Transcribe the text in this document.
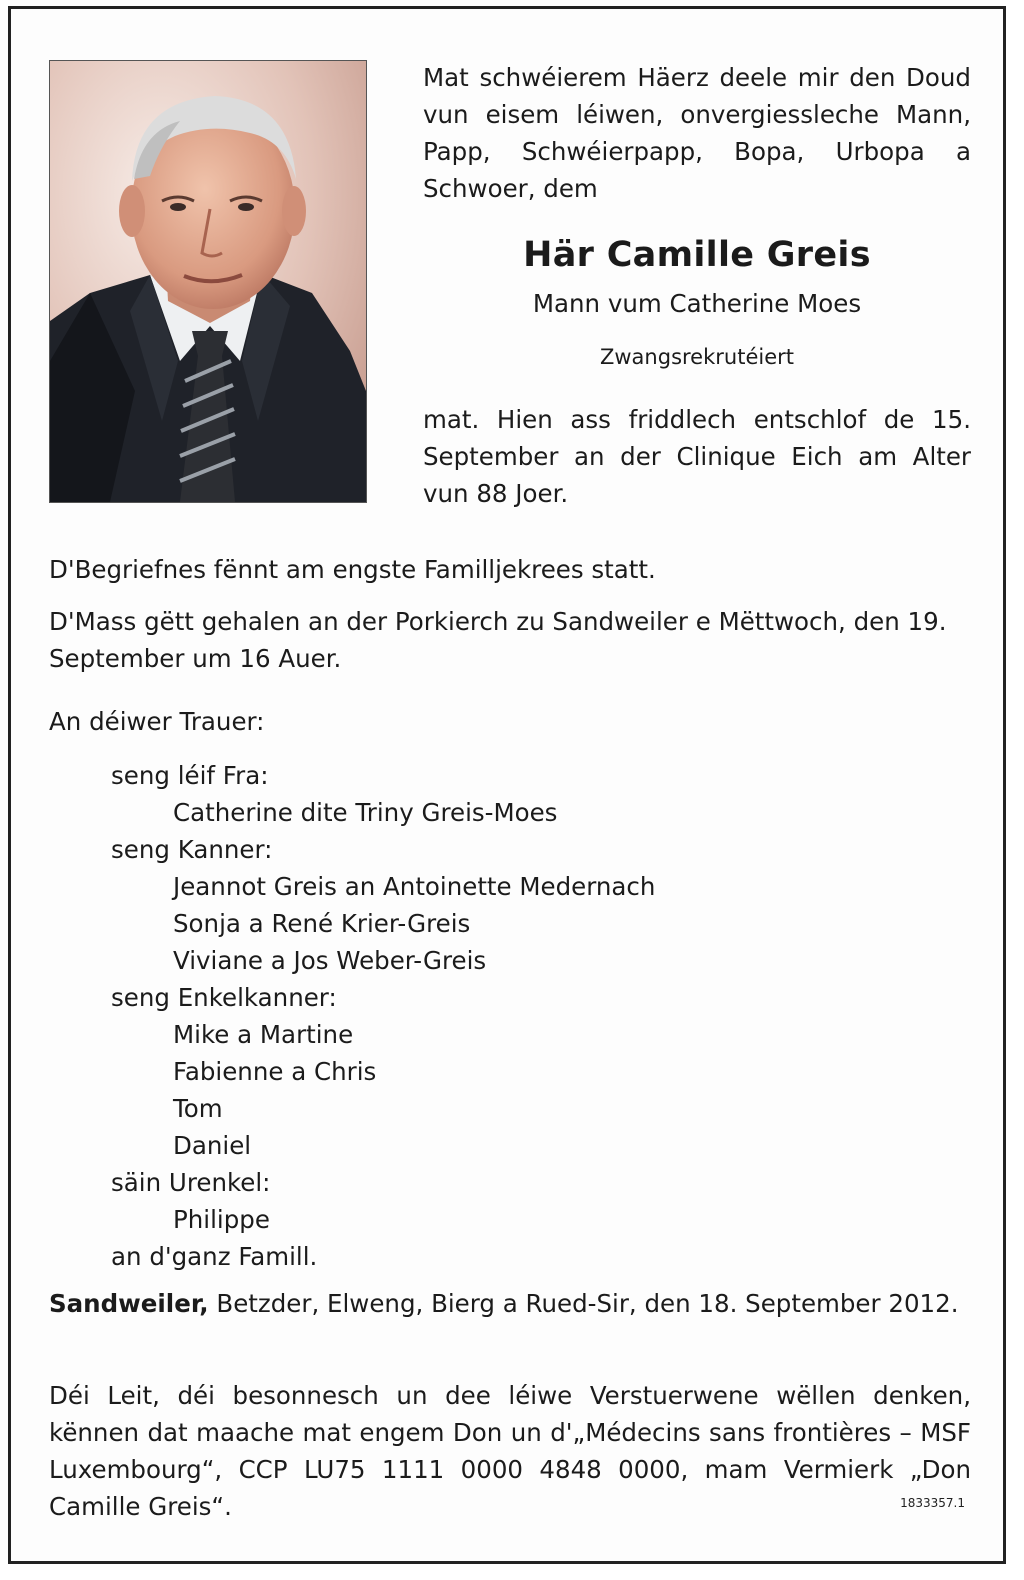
Mat schwéierem Häerz deele mir den Doud vun eisem léiwen, onvergiessleche Mann, Papp, Schwéierpapp, Bopa, Urbopa a Schwoer, dem
Här Camille Greis
Mann vum Catherine Moes
Zwangsrekrutéiert
mat. Hien ass friddlech entschlof de 15. September an der Clinique Eich am Alter vun 88 Joer.
D'Begriefnes fënnt am engste Familljekrees statt.
D'Mass gëtt gehalen an der Porkierch zu Sandweiler e Mëttwoch, den 19. September um 16 Auer.
An déiwer Trauer:
seng léif Fra:
Catherine dite Triny Greis-Moes
seng Kanner:
Jeannot Greis an Antoinette Medernach
Sonja a René Krier-Greis
Viviane a Jos Weber-Greis
seng Enkelkanner:
Mike a Martine
Fabienne a Chris
Tom
Daniel
säin Urenkel:
Philippe
an d'ganz Famill.
Sandweiler, Betzder, Elweng, Bierg a Rued-Sir, den 18. September 2012.
Déi Leit, déi besonnesch un dee léiwe Verstuerwene wëllen denken, kënnen dat maache mat engem Don un d'„Médecins sans frontières – MSF Luxembourg“, CCP LU75 1111 0000 4848 0000, mam Vermierk „Don Camille Greis“.	1833357.1
